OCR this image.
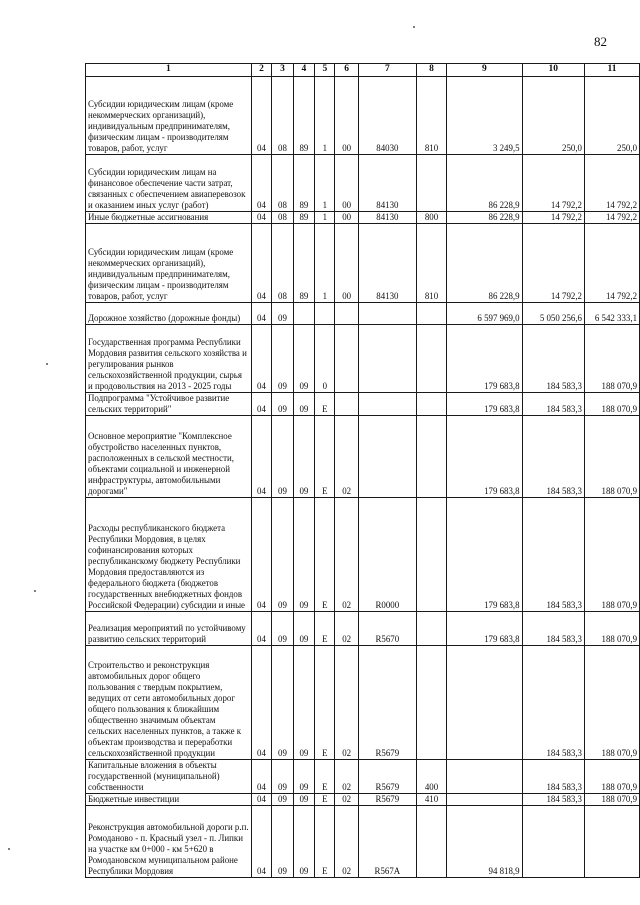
82
1	2	3	4	5	6	7	8	9	10	11
Субсидии юридическим лицам (кроме некоммерческих организаций), индивидуальным предпринимателям, физическим лицам - производителям товаров, работ, услуг	04	08	89	1	00	84030	810	3 249,5	250,0	250,0
Субсидии юридическим лицам на финансовое обеспечение части затрат, связанных с обеспечением авиаперевозок и оказанием иных услуг (работ)	04	08	89	1	00	84130		86 228,9	14 792,2	14 792,2
Иные бюджетные ассигнования	04	08	89	1	00	84130	800	86 228,9	14 792,2	14 792,2
Субсидии юридическим лицам (кроме некоммерческих организаций), индивидуальным предпринимателям, физическим лицам - производителям товаров, работ, услуг	04	08	89	1	00	84130	810	86 228,9	14 792,2	14 792,2
Дорожное хозяйство (дорожные фонды)	04	09						6 597 969,0	5 050 256,6	6 542 333,1
Государственная программа Республики Мордовия развития сельского хозяйства и регулирования рынков сельскохозяйственной продукции, сырья и продовольствия на 2013 - 2025 годы	04	09	09	0				179 683,8	184 583,3	188 070,9
Подпрограмма "Устойчивое развитие сельских территорий"	04	09	09	Е				179 683,8	184 583,3	188 070,9
Основное мероприятие "Комплексное обустройство населенных пунктов, расположенных в сельской местности, объектами социальной и инженерной инфраструктуры, автомобильными дорогами"	04	09	09	Е	02			179 683,8	184 583,3	188 070,9
Расходы республиканского бюджета Республики Мордовия, в целях софинансирования которых республиканскому бюджету Республики Мордовия предоставляются из федерального бюджета (бюджетов государственных внебюджетных фондов Российской Федерации) субсидии и иные	04	09	09	Е	02	R0000		179 683,8	184 583,3	188 070,9
Реализация мероприятий по устойчивому развитию сельских территорий	04	09	09	Е	02	R5670		179 683,8	184 583,3	188 070,9
Строительство и реконструкция автомобильных дорог общего пользования с твердым покрытием, ведущих от сети автомобильных дорог общего пользования к ближайшим общественно значимым объектам сельских населенных пунктов, а также к объектам производства и переработки сельскохозяйственной продукции	04	09	09	Е	02	R5679			184 583,3	188 070,9
Капитальные вложения в объекты государственной (муниципальной) собственности	04	09	09	Е	02	R5679	400		184 583,3	188 070,9
Бюджетные инвестиции	04	09	09	Е	02	R5679	410		184 583,3	188 070,9
Реконструкция автомобильной дороги р.п. Ромоданово - п. Красный узел - п. Липки на участке км 0+000 - км 5+620 в Ромодановском муниципальном районе Республики Мордовия	04	09	09	Е	02	R567A		94 818,9		
